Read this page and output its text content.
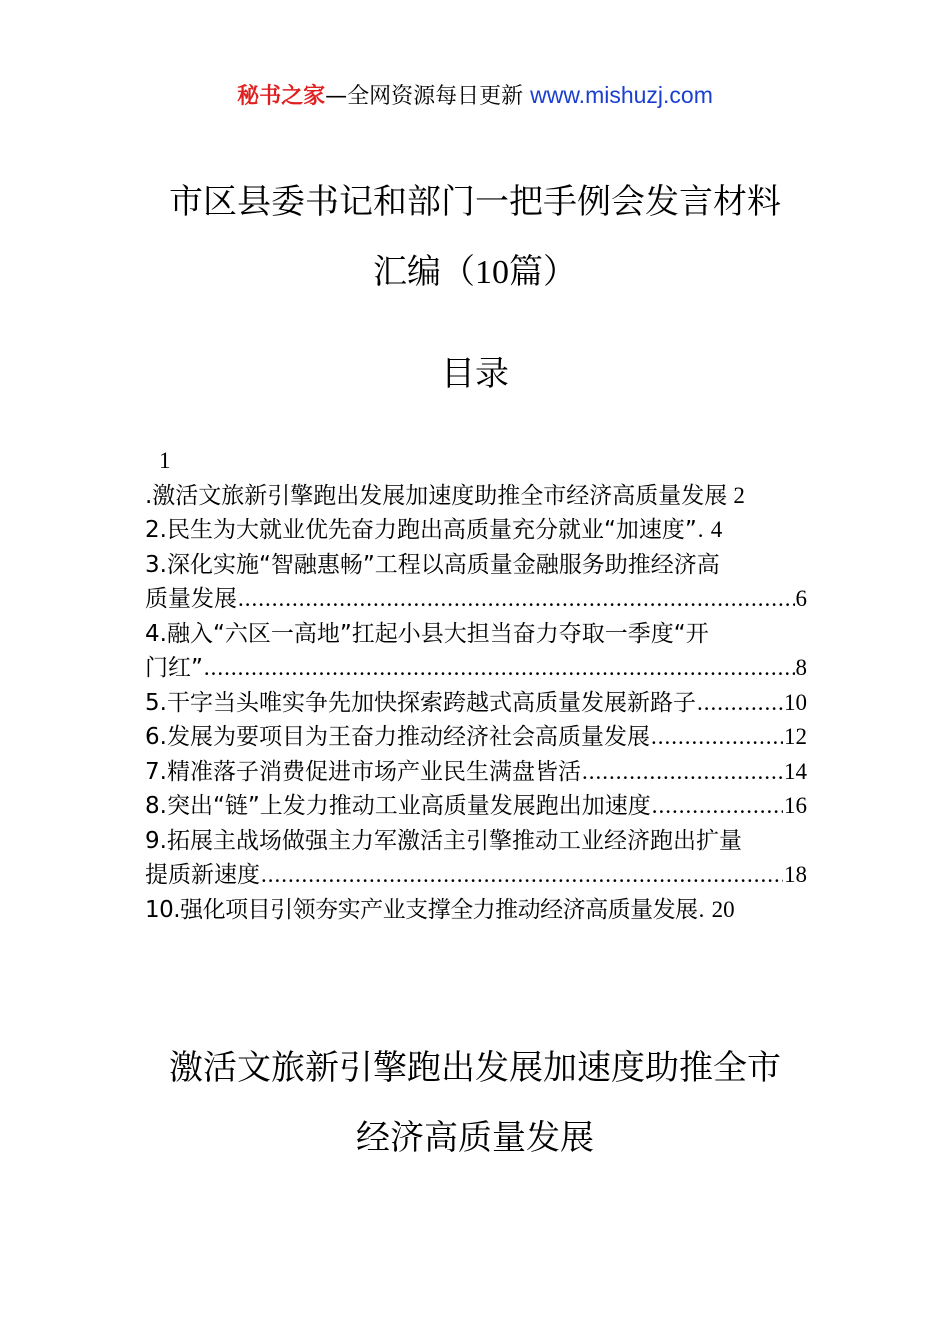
秘书之家—全网资源每日更新 www.mishuzj.com
市区县委书记和部门一把手例会发言材料
汇编（10篇）
目录
1
.激活文旅新引擎跑出发展加速度助推全市经济高质量发展 2
2.民生为大就业优先奋力跑出高质量充分就业“加速度” . . 4
3.深化实施“智融惠畅”工程以高质量金融服务助推经济高
质量发展 .....	6
4.融入“六区一高地”扛起小县大担当奋力夺取一季度“开
门红” .....	8
5.干字当头唯实争先加快探索跨越式高质量发展新路子 .....	10
6.发展为要项目为王奋力推动经济社会高质量发展 .....	12
7.精准落子消费促进市场产业民生满盘皆活 .....	14
8.突出“链”上发力推动工业高质量发展跑出加速度 .....	16
9.拓展主战场做强主力军激活主引擎推动工业经济跑出扩量
提质新速度 .....	18
10.强化项目引领夯实产业支撑全力推动经济高质量发展 . . 20
激活文旅新引擎跑出发展加速度助推全市
经济高质量发展
